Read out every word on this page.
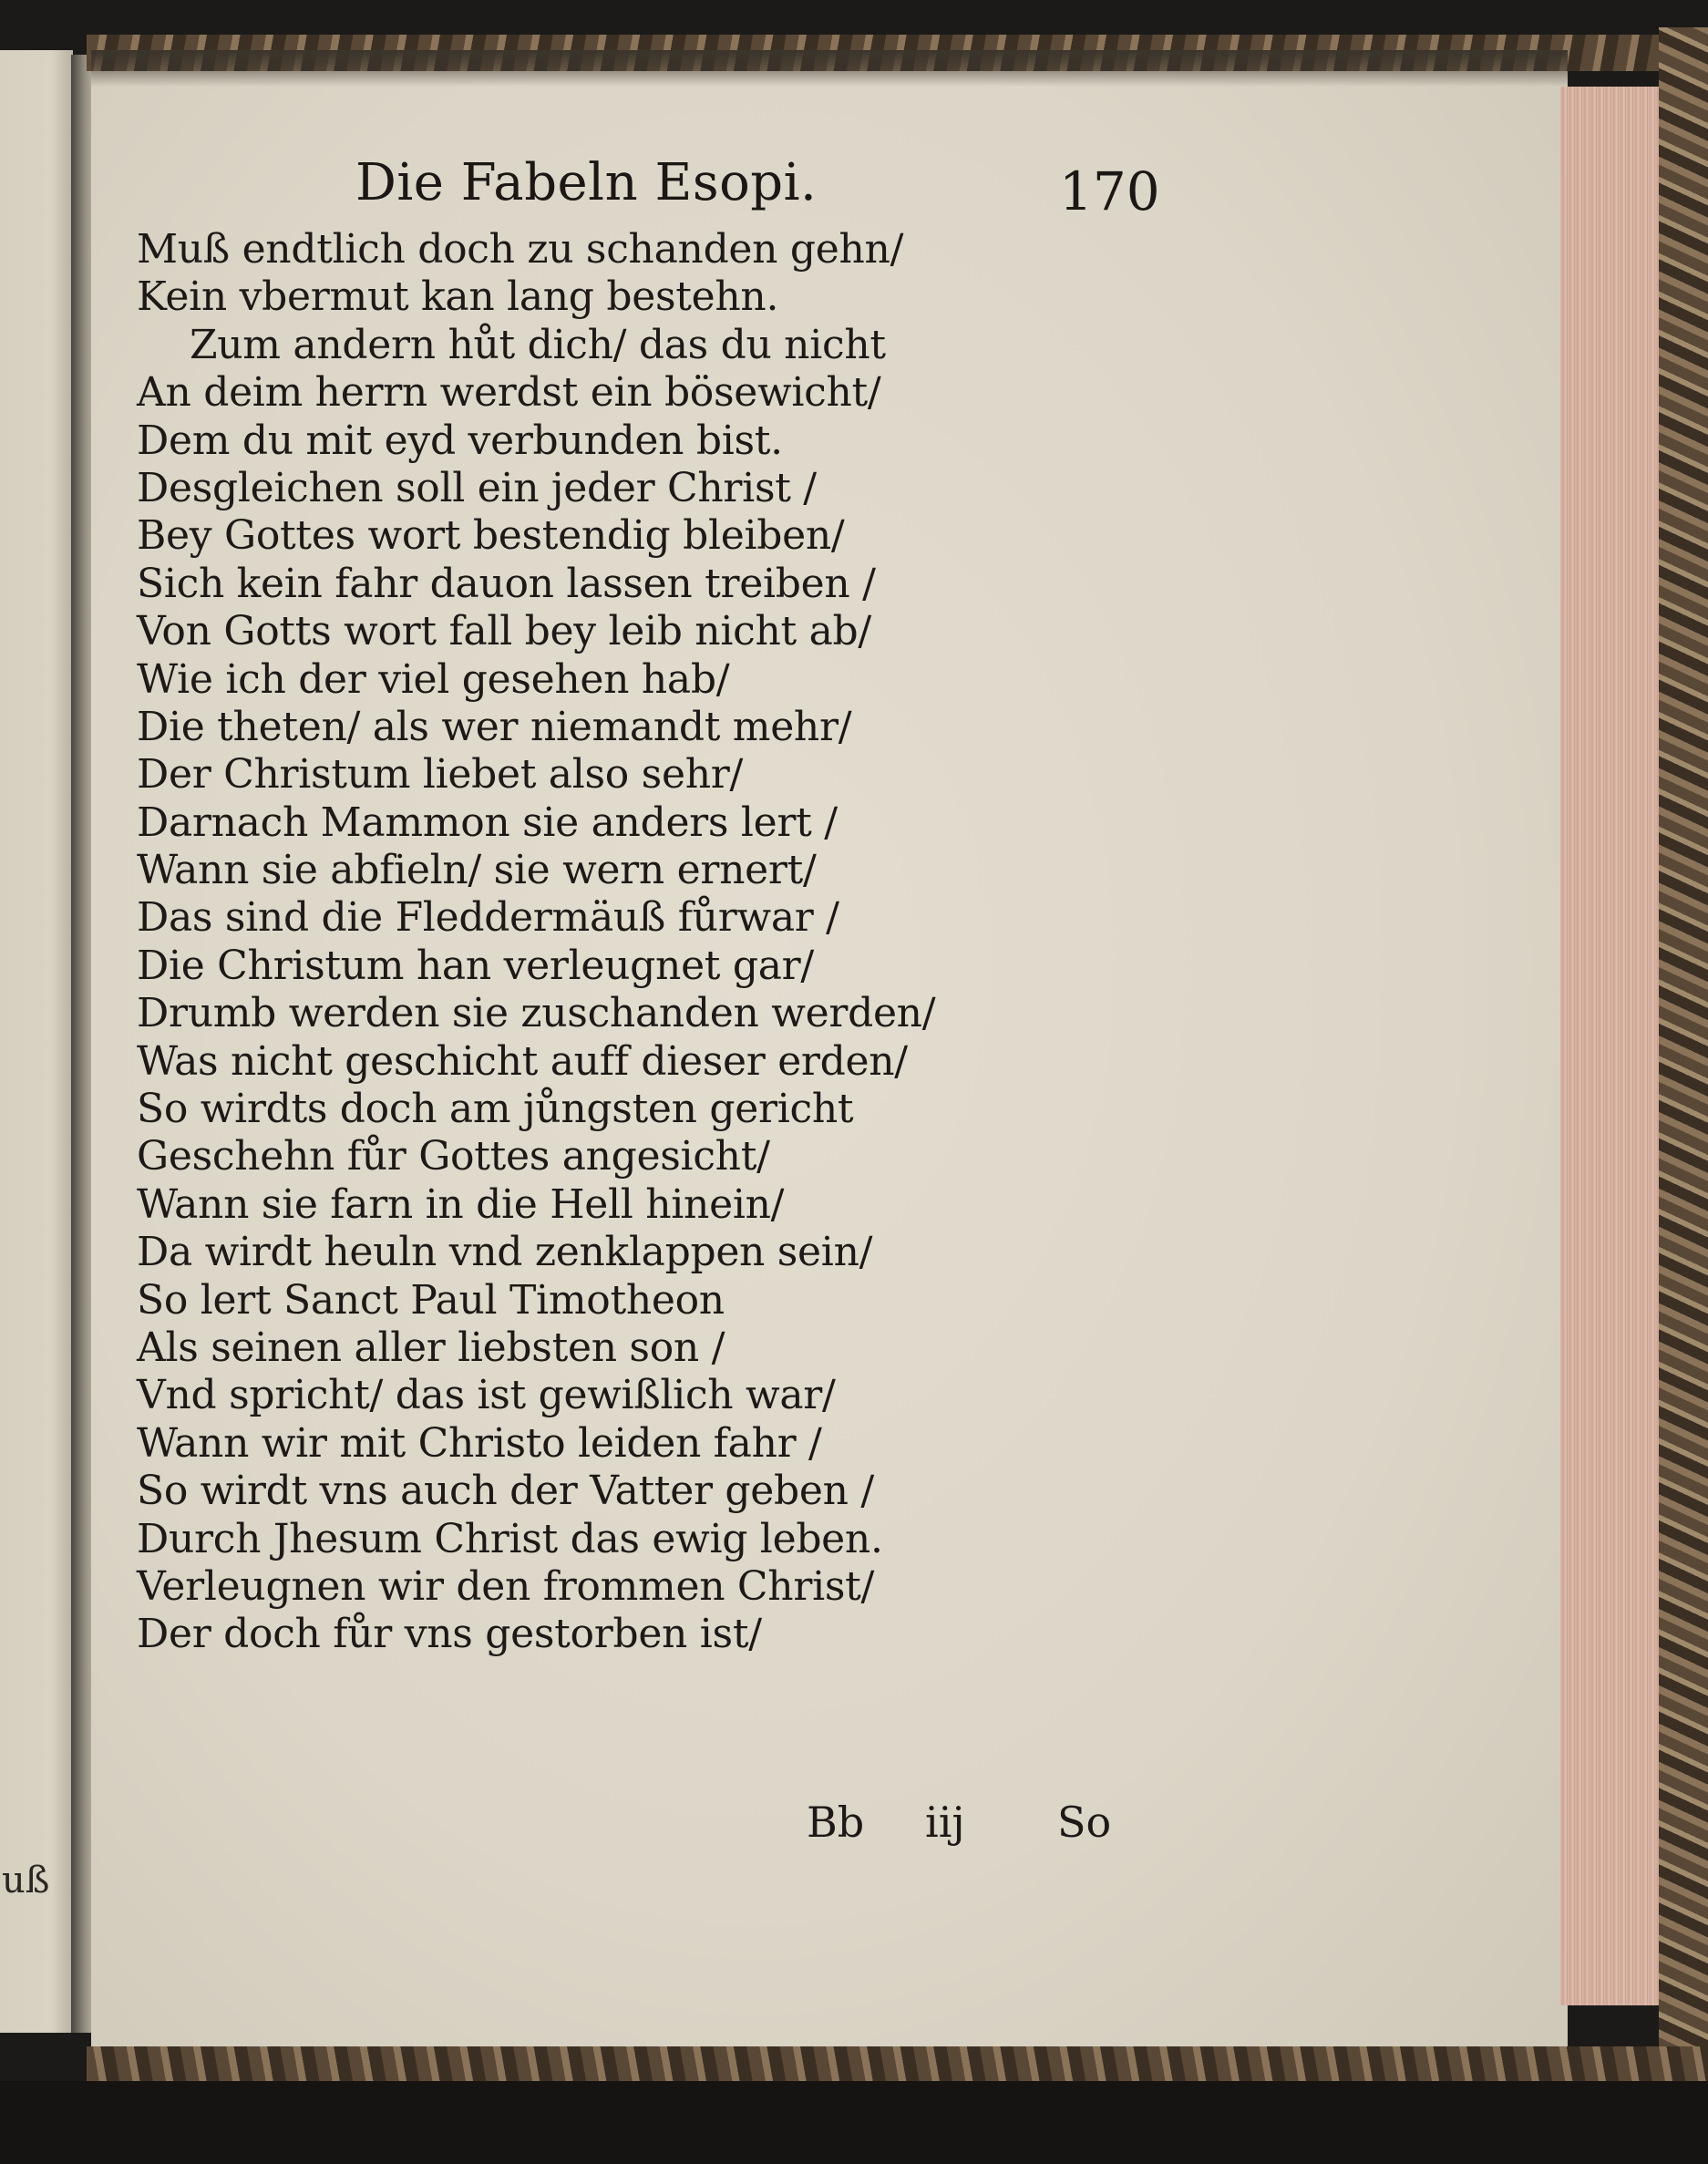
uß
Die Fabeln Esopi.	170
Muß endtlich doch zu schanden gehn/
Kein vbermut kan lang bestehn.
Zum andern hůt dich/ das du nicht
An deim herrn werdst ein bösewicht/
Dem du mit eyd verbunden bist.
Desgleichen soll ein jeder Christ /
Bey Gottes wort bestendig bleiben/
Sich kein fahr dauon lassen treiben /
Von Gotts wort fall bey leib nicht ab/
Wie ich der viel gesehen hab/
Die theten/ als wer niemandt mehr/
Der Christum liebet also sehr/
Darnach Mammon sie anders lert /
Wann sie abfieln/ sie wern ernert/
Das sind die Fleddermäuß fůrwar /
Die Christum han verleugnet gar/
Drumb werden sie zuschanden werden/
Was nicht geschicht auff dieser erden/
So wirdts doch am jůngsten gericht
Geschehn fůr Gottes angesicht/
Wann sie farn in die Hell hinein/
Da wirdt heuln vnd zenklappen sein/
So lert Sanct Paul Timotheon
Als seinen aller liebsten son /
Vnd spricht/ das ist gewißlich war/
Wann wir mit Christo leiden fahr /
So wirdt vns auch der Vatter geben /
Durch Jhesum Christ das ewig leben.
Verleugnen wir den frommen Christ/
Der doch fůr vns gestorben ist/
Bb iij So
